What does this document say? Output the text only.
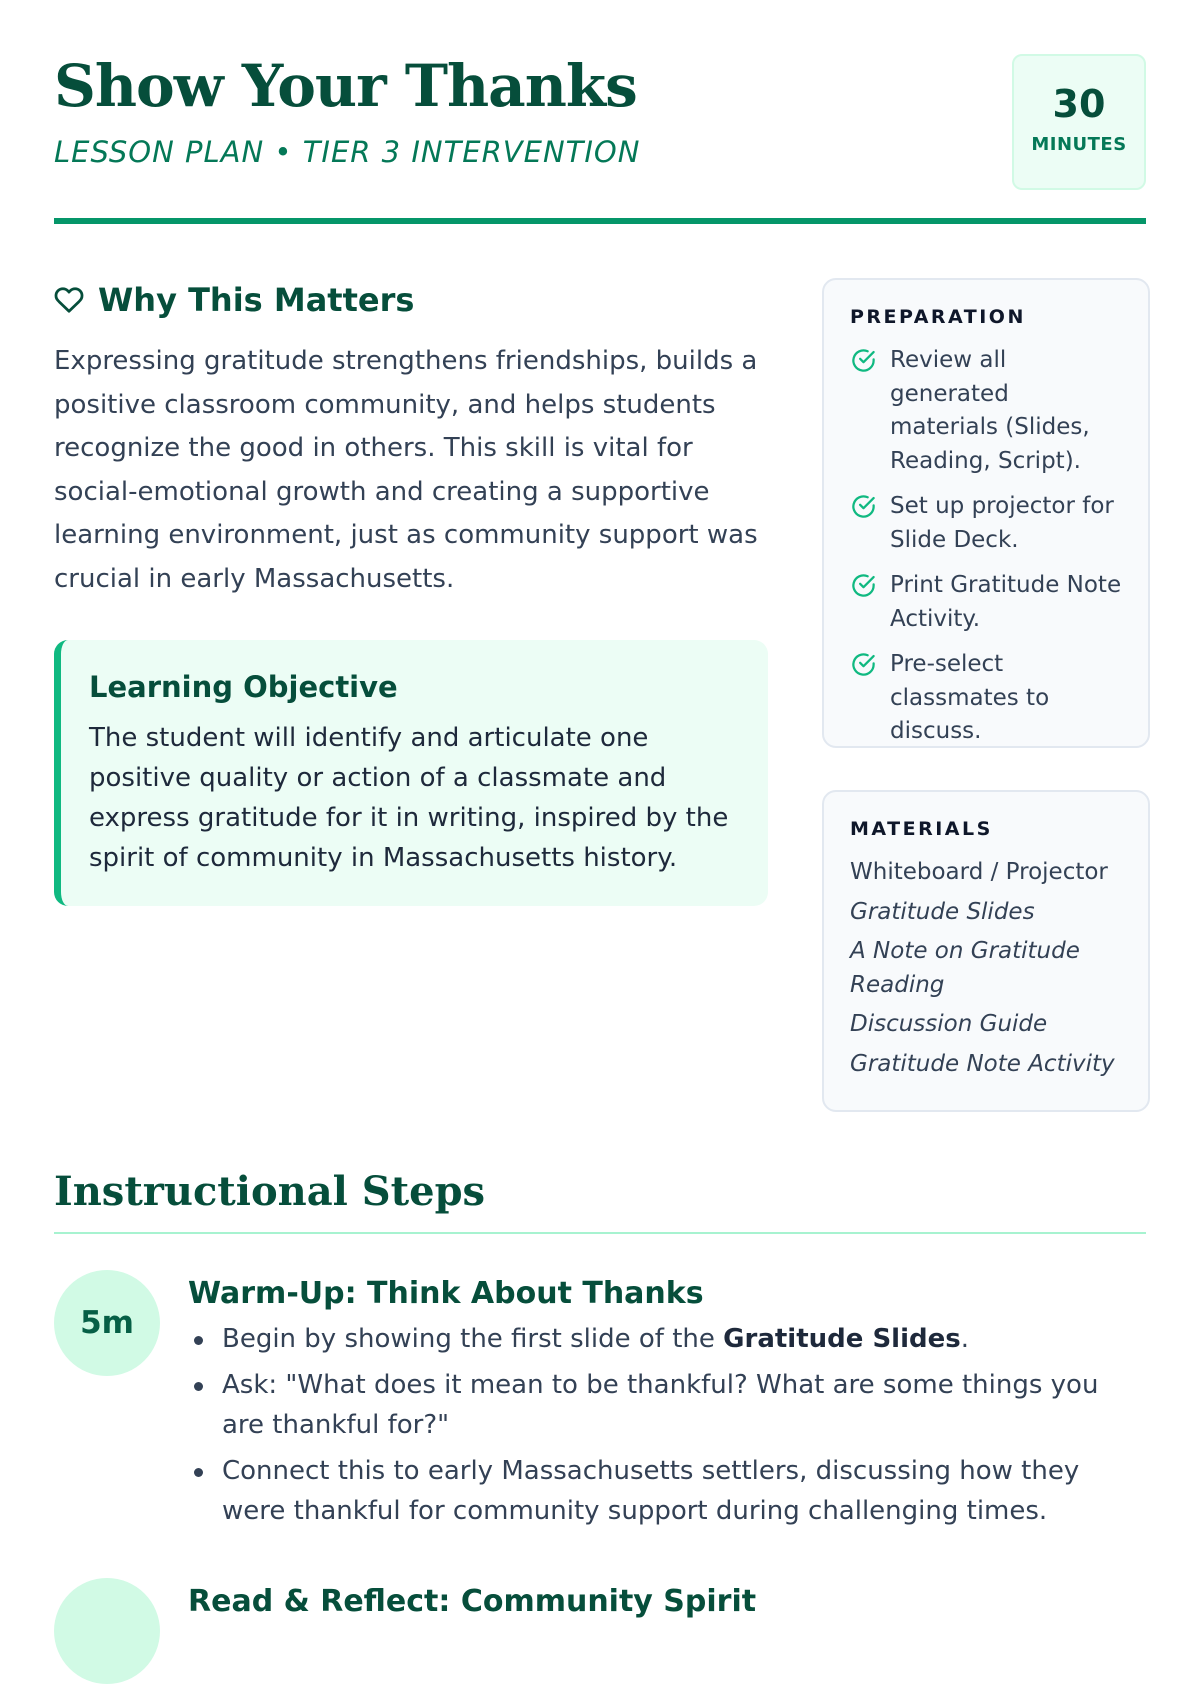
Show Your Thanks
LESSON PLAN • TIER 3 INTERVENTION
30
MINUTES
Why This Matters

Expressing gratitude strengthens friendships, builds a positive classroom community, and helps students recognize the good in others. This skill is vital for social-emotional growth and creating a supportive learning environment, just as community support was crucial in early Massachusetts.

Learning Objective

The student will identify and articulate one positive quality or action of a classmate and express gratitude for it in writing, inspired by the spirit of community in Massachusetts history.

PREPARATION
Review all generated materials (Slides, Reading, Script).
Set up projector for Slide Deck.
Print Gratitude Note Activity.
Pre-select classmates to discuss.
MATERIALS
Whiteboard / Projector
Gratitude Slides
A Note on Gratitude Reading
Discussion Guide
Gratitude Note Activity
Instructional Steps
5m
Warm-Up: Think About Thanks
Begin by showing the first slide of the Gratitude Slides.
Ask: "What does it mean to be thankful? What are some things you are thankful for?"
Connect this to early Massachusetts settlers, discussing how they were thankful for community support during challenging times.
Read & Reflect: Community Spirit
